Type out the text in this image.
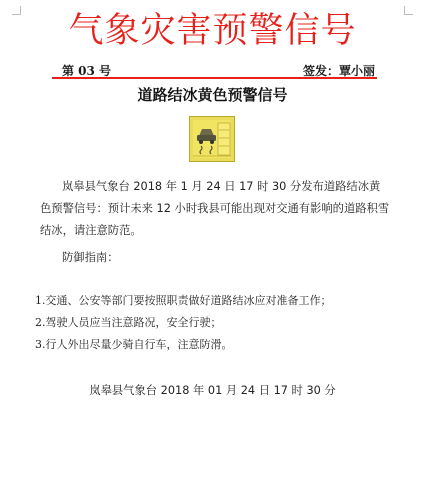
气象灾害预警信号
第 03 号	签发：覃小丽
道路结冰黄色预警信号
岚皋县气象台 2018 年 1 月 24 日 17 时 30 分发布道路结冰黄色预警信号：预计未来 12 小时我县可能出现对交通有影响的道路积雪结冰，请注意防范。
防御指南：
1.交通、公安等部门要按照职责做好道路结冰应对准备工作；
2.驾驶人员应当注意路况，安全行驶；
3.行人外出尽量少骑自行车，注意防滑。
岚皋县气象台 2018 年 01 月 24 日 17 时 30 分
